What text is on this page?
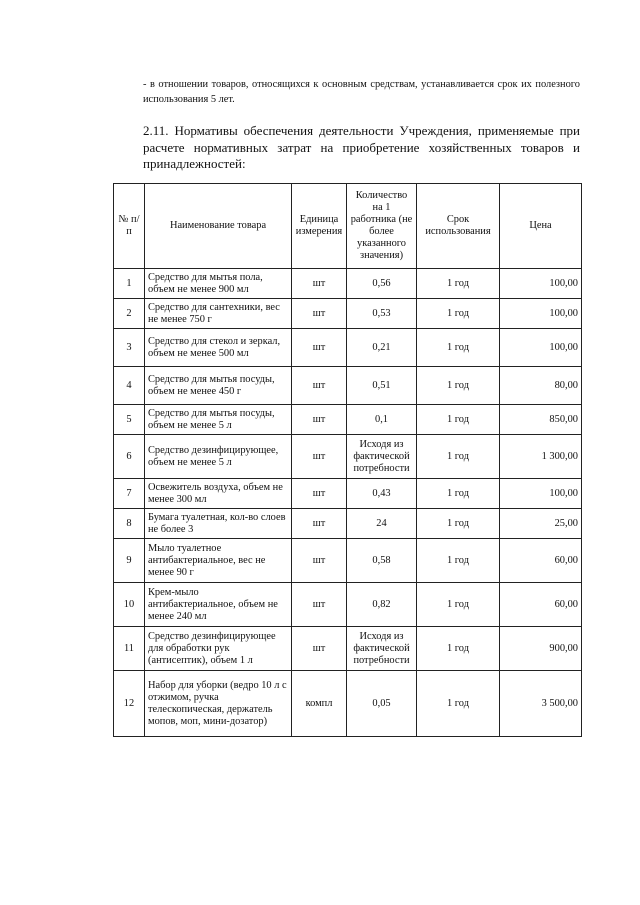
- в отношении товаров, относящихся к основным средствам, устанавливается срок их полезного использования 5 лет.
2.11. Нормативы обеспечения деятельности Учреждения, применяемые при расчете нормативных затрат на приобретение хозяйственных товаров и принадлежностей:
№ п/п	Наименование товара	Единица измерения	Количество на 1 работника (не более указанного значения)	Срок использования	Цена
1	Средство для мытья пола, объем не менее 900 мл	шт	0,56	1 год	100,00
2	Средство для сантехники, вес не менее 750 г	шт	0,53	1 год	100,00
3	Средство для стекол и зеркал, объем не менее 500 мл	шт	0,21	1 год	100,00
4	Средство для мытья посуды, объем не менее 450 г	шт	0,51	1 год	80,00
5	Средство для мытья посуды, объем не менее 5 л	шт	0,1	1 год	850,00
6	Средство дезинфицирующее, объем не менее 5 л	шт	Исходя из фактической потребности	1 год	1 300,00
7	Освежитель воздуха, объем не менее 300 мл	шт	0,43	1 год	100,00
8	Бумага туалетная, кол-во слоев не более 3	шт	24	1 год	25,00
9	Мыло туалетное антибактериальное, вес не менее 90 г	шт	0,58	1 год	60,00
10	Крем-мыло антибактериальное, объем не менее 240 мл	шт	0,82	1 год	60,00
11	Средство дезинфицирующее для обработки рук (антисептик), объем 1 л	шт	Исходя из фактической потребности	1 год	900,00
12	Набор для уборки (ведро 10 л с отжимом, ручка телескопическая, держатель мопов, моп, мини-дозатор)	компл	0,05	1 год	3 500,00
